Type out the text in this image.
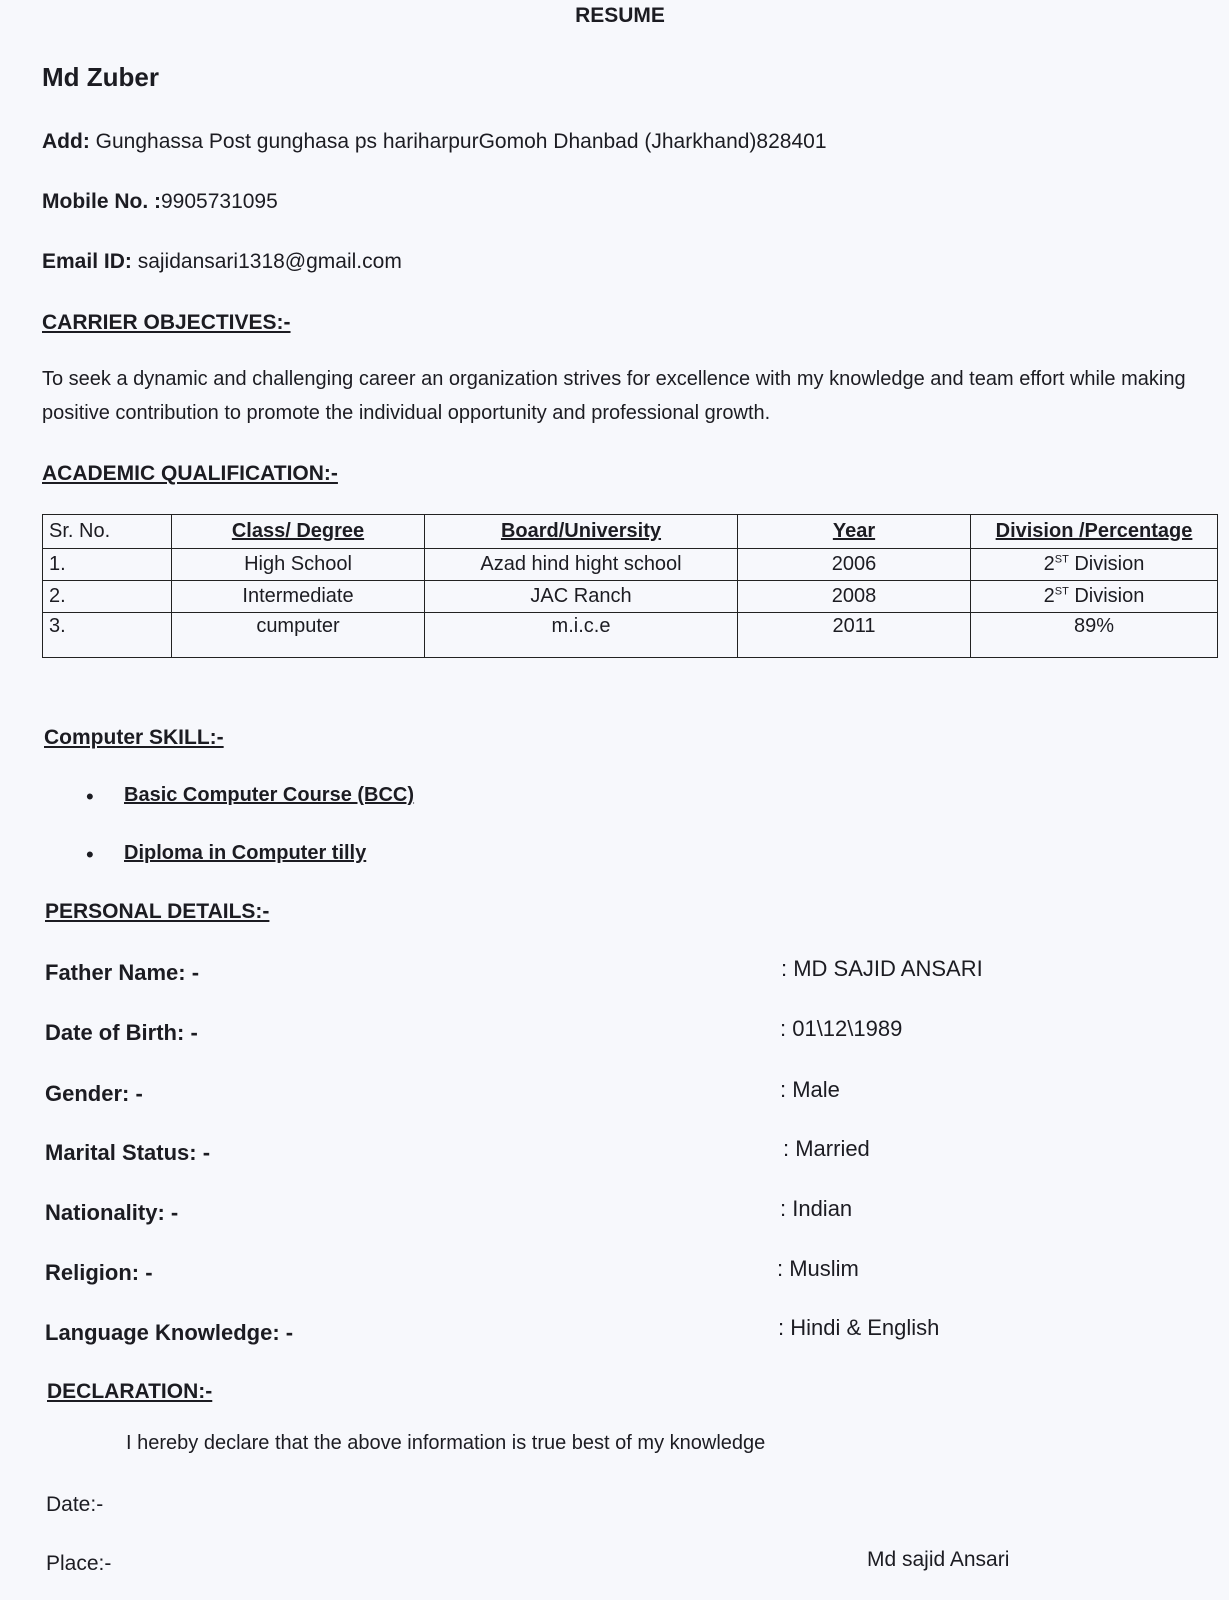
RESUME
Md Zuber
Add: Gunghassa Post gunghasa ps hariharpurGomoh Dhanbad (Jharkhand)828401
Mobile No. :9905731095
Email ID: sajidansari1318@gmail.com
CARRIER OBJECTIVES:-
To seek a dynamic and challenging career an organization strives for excellence with my knowledge and team effort while making positive contribution to promote the individual opportunity and professional growth.
ACADEMIC QUALIFICATION:-
Sr. No.	Class/ Degree	Board/University	Year	Division /Percentage
1.	High School	Azad hind hight school	2006	2ST Division
2.	Intermediate	JAC Ranch	2008	2ST Division
3.	cumputer	m.i.c.e	2011	89%
Computer SKILL:-
• Basic Computer Course (BCC)
• Diploma in Computer tilly
PERSONAL DETAILS:-
Father Name: -	: MD SAJID ANSARI
Date of Birth: -	: 01\12\1989
Gender: -	: Male
Marital Status: -	: Married
Nationality: -	: Indian
Religion: -	: Muslim
Language Knowledge: -	: Hindi & English
DECLARATION:-
I hereby declare that the above information is true best of my knowledge
Date:-
Place:-	Md sajid Ansari
